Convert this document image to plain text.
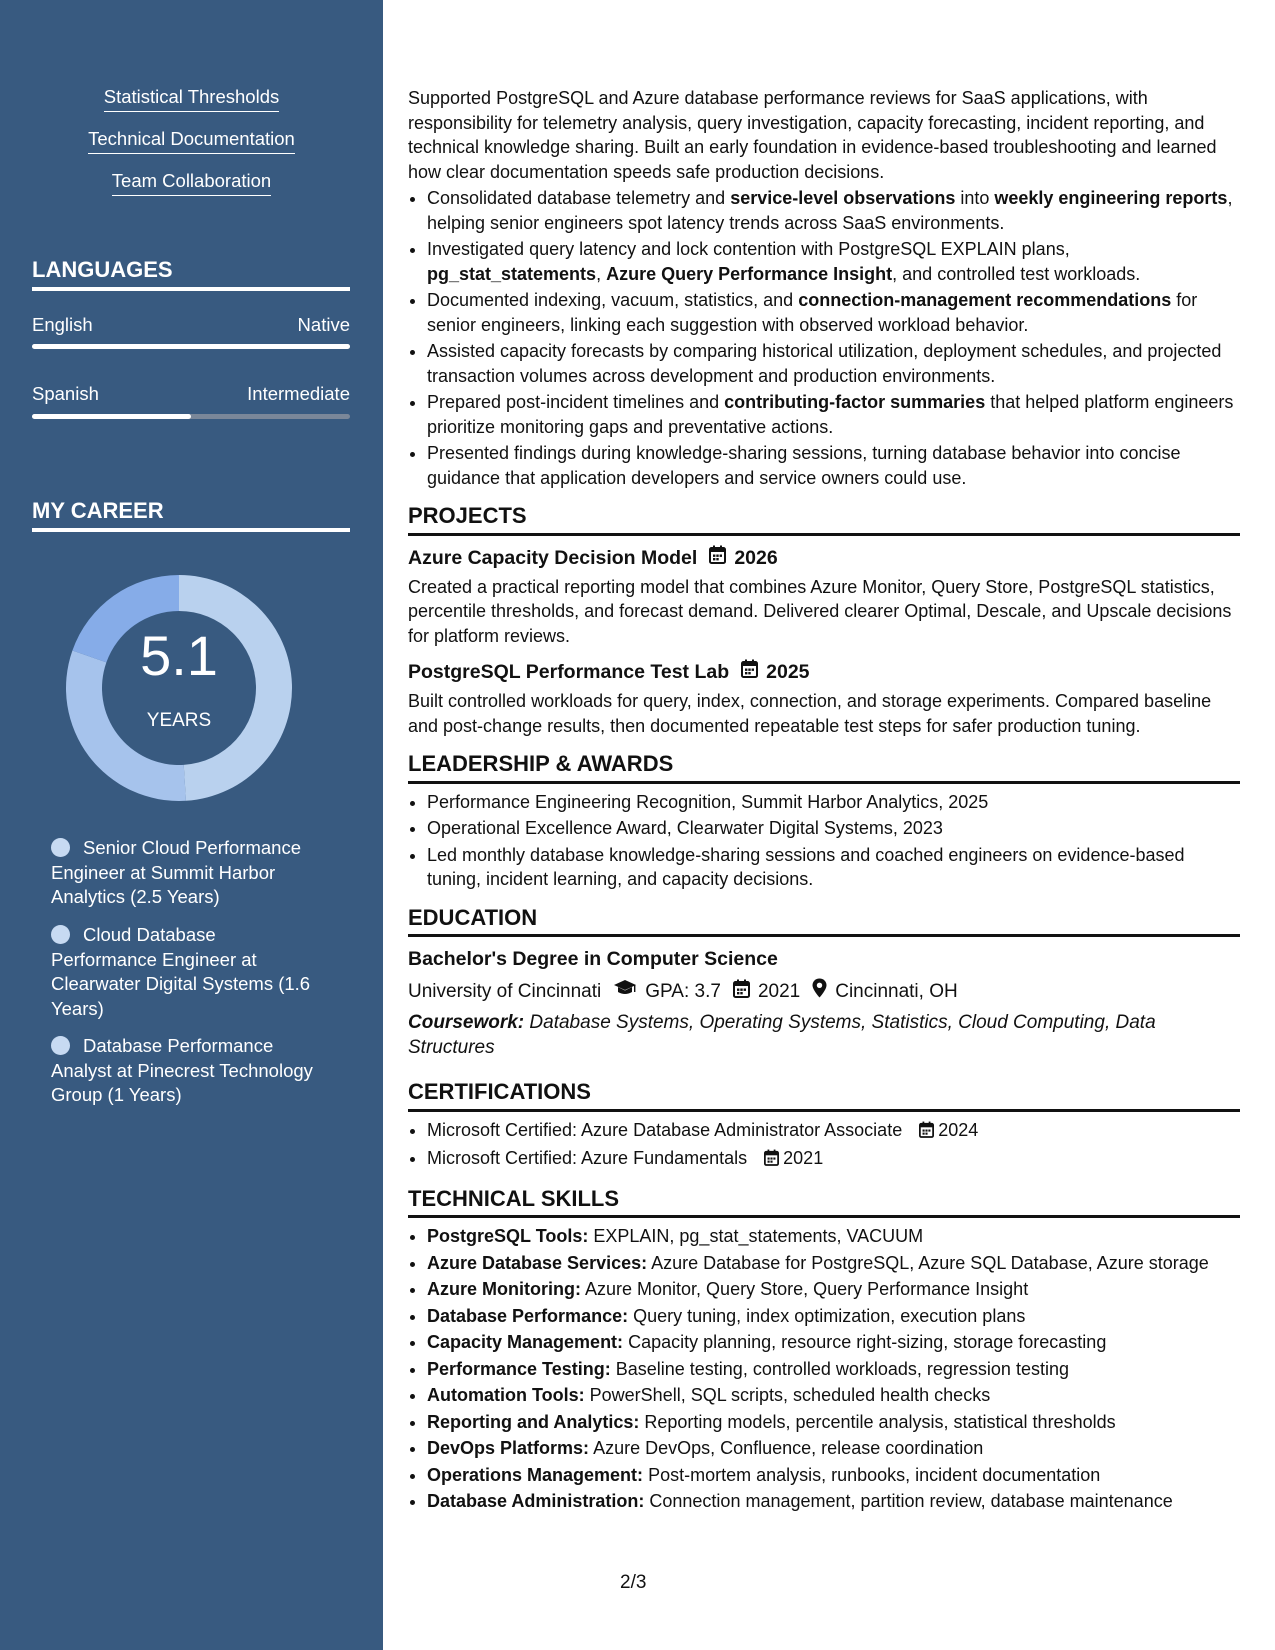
Statistical Thresholds
Technical Documentation
Team Collaboration
LANGUAGES
English	Native
Spanish	Intermediate
MY CAREER
5.1
YEARS
Senior Cloud Performance Engineer at Summit Harbor Analytics (2.5 Years)
Cloud Database Performance Engineer at Clearwater Digital Systems (1.6 Years)
Database Performance Analyst at Pinecrest Technology Group (1 Years)

Supported PostgreSQL and Azure database performance reviews for SaaS applications, with responsibility for telemetry analysis, query investigation, capacity forecasting, incident reporting, and technical knowledge sharing. Built an early foundation in evidence-based troubleshooting and learned how clear documentation speeds safe production decisions.

• Consolidated database telemetry and service-level observations into weekly engineering reports, helping senior engineers spot latency trends across SaaS environments.
• Investigated query latency and lock contention with PostgreSQL EXPLAIN plans, pg_stat_statements, Azure Query Performance Insight, and controlled test workloads.
• Documented indexing, vacuum, statistics, and connection-management recommendations for senior engineers, linking each suggestion with observed workload behavior.
• Assisted capacity forecasts by comparing historical utilization, deployment schedules, and projected transaction volumes across development and production environments.
• Prepared post-incident timelines and contributing-factor summaries that helped platform engineers prioritize monitoring gaps and preventative actions.
• Presented findings during knowledge-sharing sessions, turning database behavior into concise guidance that application developers and service owners could use.
PROJECTS
Azure Capacity Decision Model 2026

Created a practical reporting model that combines Azure Monitor, Query Store, PostgreSQL statistics, percentile thresholds, and forecast demand. Delivered clearer Optimal, Descale, and Upscale decisions for platform reviews.

PostgreSQL Performance Test Lab 2025

Built controlled workloads for query, index, connection, and storage experiments. Compared baseline and post-change results, then documented repeatable test steps for safer production tuning.

LEADERSHIP & AWARDS
• Performance Engineering Recognition, Summit Harbor Analytics, 2025
• Operational Excellence Award, Clearwater Digital Systems, 2023
• Led monthly database knowledge-sharing sessions and coached engineers on evidence-based tuning, incident learning, and capacity decisions.
EDUCATION
Bachelor's Degree in Computer Science
University of Cincinnati GPA: 3.7 2021 Cincinnati, OH
Coursework: Database Systems, Operating Systems, Statistics, Cloud Computing, Data Structures
CERTIFICATIONS
• Microsoft Certified: Azure Database Administrator Associate 2024
• Microsoft Certified: Azure Fundamentals 2021
TECHNICAL SKILLS
• PostgreSQL Tools: EXPLAIN, pg_stat_statements, VACUUM
• Azure Database Services: Azure Database for PostgreSQL, Azure SQL Database, Azure storage
• Azure Monitoring: Azure Monitor, Query Store, Query Performance Insight
• Database Performance: Query tuning, index optimization, execution plans
• Capacity Management: Capacity planning, resource right-sizing, storage forecasting
• Performance Testing: Baseline testing, controlled workloads, regression testing
• Automation Tools: PowerShell, SQL scripts, scheduled health checks
• Reporting and Analytics: Reporting models, percentile analysis, statistical thresholds
• DevOps Platforms: Azure DevOps, Confluence, release coordination
• Operations Management: Post-mortem analysis, runbooks, incident documentation
• Database Administration: Connection management, partition review, database maintenance
2/3
